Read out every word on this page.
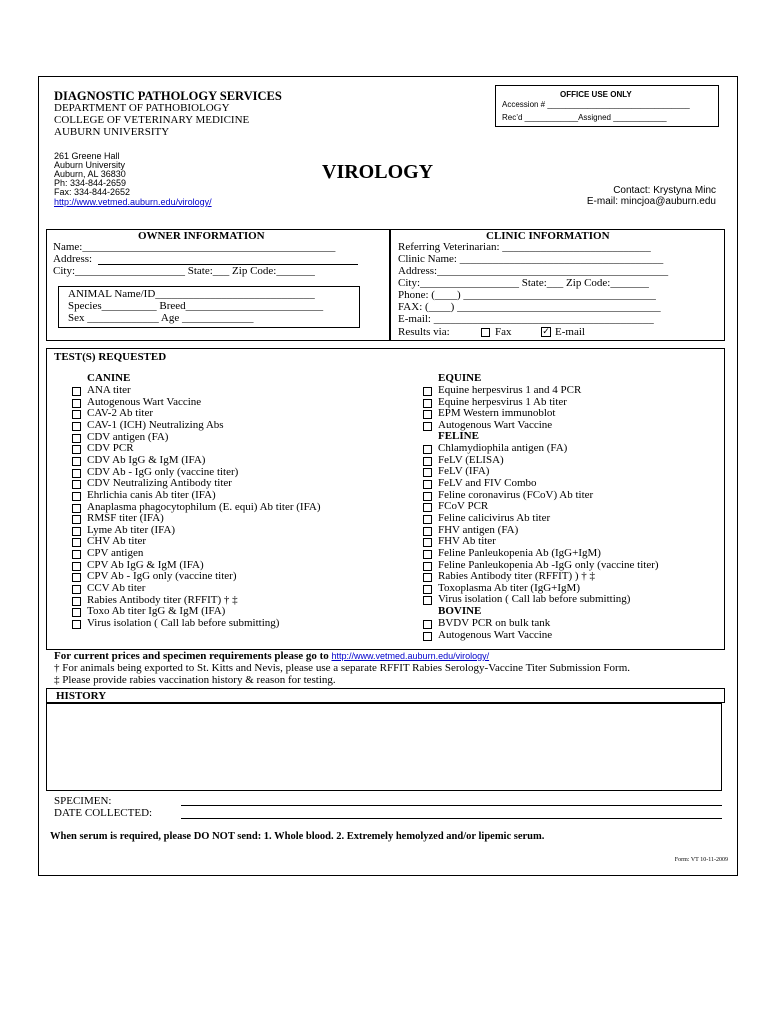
DIAGNOSTIC PATHOLOGY SERVICES
DEPARTMENT OF PATHOBIOLOGY
COLLEGE OF VETERINARY MEDICINE
AUBURN UNIVERSITY
261 Greene Hall
Auburn University
Auburn, AL 36830
Ph: 334-844-2659
Fax: 334-844-2652
http://www.vetmed.auburn.edu/virology/
VIROLOGY
Contact: Krystyna Minc
E-mail: mincjoa@auburn.edu
OFFICE USE ONLY
Accession # ________________________________
Rec’d ____________Assigned ____________
OWNER INFORMATION
Name:______________________________________________
Address:
City:____________________ State:___ Zip Code:_______
ANIMAL Name/ID_____________________________
Species__________ Breed_________________________
Sex _____________ Age _____________
CLINIC INFORMATION
Referring Veterinarian: ___________________________
Clinic Name: _____________________________________
Address:__________________________________________
City:__________________ State:___ Zip Code:_______
Phone: (____) ___________________________________
FAX: (____) _____________________________________
E-mail: ________________________________________
Results via:	Fax	✓ E-mail
TEST(S) REQUESTED
CANINE
ANA titer
Autogenous Wart Vaccine
CAV-2 Ab titer
CAV-1 (ICH) Neutralizing Abs
CDV antigen (FA)
CDV PCR
CDV Ab IgG & IgM (IFA)
CDV Ab - IgG only (vaccine titer)
CDV Neutralizing Antibody titer
Ehrlichia canis Ab titer (IFA)
Anaplasma phagocytophilum (E. equi) Ab titer (IFA)
RMSF titer (IFA)
Lyme Ab titer (IFA)
CHV Ab titer
CPV antigen
CPV Ab IgG & IgM (IFA)
CPV Ab - IgG only (vaccine titer)
CCV Ab titer
Rabies Antibody titer (RFFIT) † ‡
Toxo Ab titer IgG & IgM (IFA)
Virus isolation ( Call lab before submitting)
EQUINE
Equine herpesvirus 1 and 4 PCR
Equine herpesvirus 1 Ab titer
EPM Western immunoblot
Autogenous Wart Vaccine
FELINE
Chlamydiophila antigen (FA)
FeLV (ELISA)
FeLV (IFA)
FeLV and FIV Combo
Feline coronavirus (FCoV) Ab titer
FCoV PCR
Feline calicivirus Ab titer
FHV antigen (FA)
FHV Ab titer
Feline Panleukopenia Ab (IgG+IgM)
Feline Panleukopenia Ab -IgG only (vaccine titer)
Rabies Antibody titer (RFFIT) ) † ‡
Toxoplasma Ab titer (IgG+IgM)
Virus isolation ( Call lab before submitting)
BOVINE
BVDV PCR on bulk tank
Autogenous Wart Vaccine
For current prices and specimen requirements please go to http://www.vetmed.auburn.edu/virology/
† For animals being exported to St. Kitts and Nevis, please use a separate RFFIT Rabies Serology-Vaccine Titer Submission Form.
‡ Please provide rabies vaccination history & reason for testing.
HISTORY
SPECIMEN:
DATE COLLECTED:
When serum is required, please DO NOT send: 1. Whole blood. 2. Extremely hemolyzed and/or lipemic serum.
Form: VT 10-11-2009
